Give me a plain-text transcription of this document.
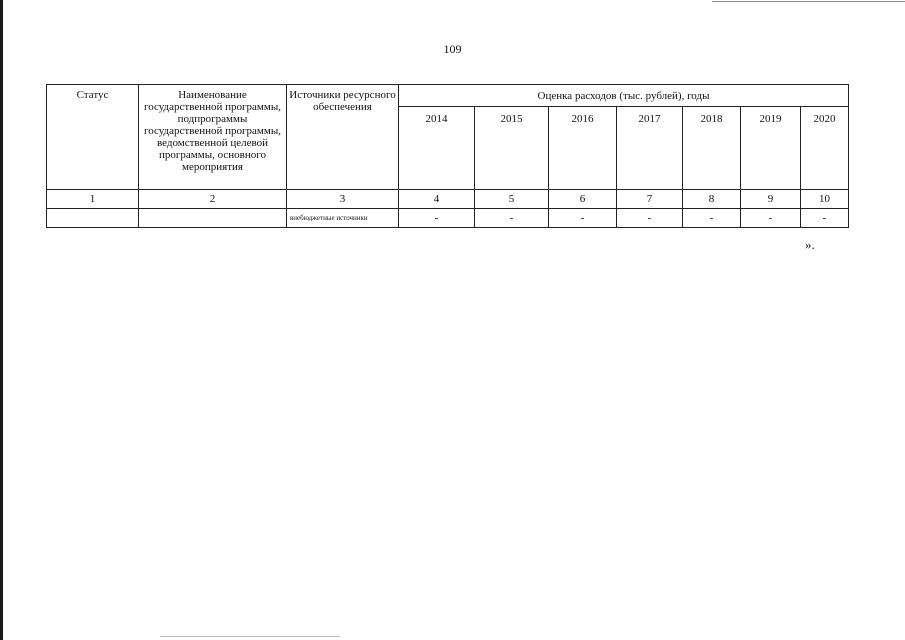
109
Статус	Наименование государственной программы, подпрограммы государственной программы, ведомственной целевой программы, основного мероприятия	Источники ресурсного обеспечения	Оценка расходов (тыс. рублей), годы						
			2014	2015	2016	2017	2018	2019	2020
1	2	3	4	5	6	7	8	9	10
		внебюджетные источники	-	-	-	-	-	-	-
».
